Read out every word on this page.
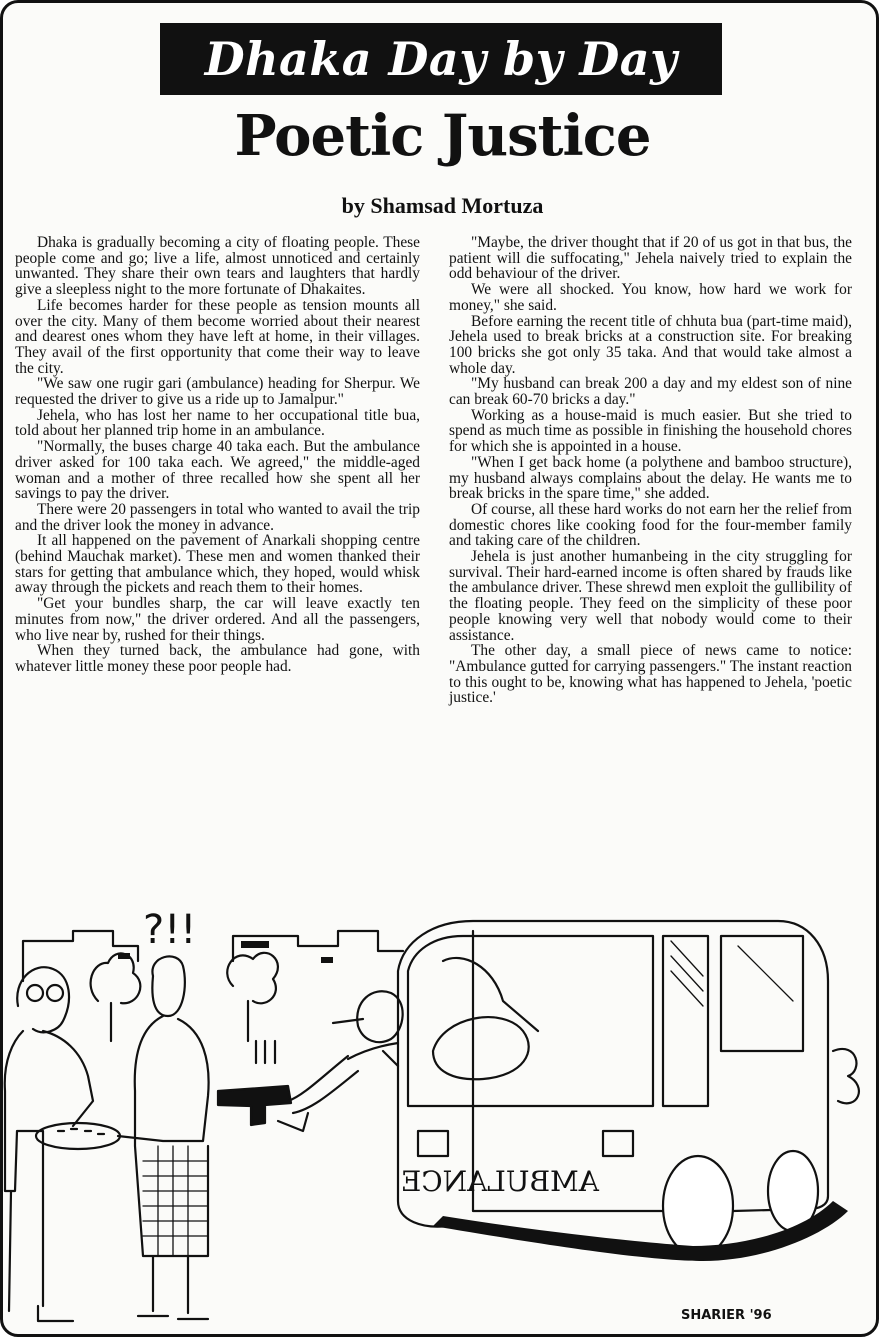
Dhaka Day by Day
Poetic Justice
by Shamsad Mortuza

Dhaka is gradually becoming a city of floating people. These people come and go; live a life, almost unnoticed and certainly unwanted. They share their own tears and laughters that hardly give a sleepless night to the more fortunate of Dhakaites.

Life becomes harder for these people as tension mounts all over the city. Many of them become worried about their nearest and dearest ones whom they have left at home, in their villages. They avail of the first opportunity that come their way to leave the city.

"We saw one rugir gari (ambulance) heading for Sherpur. We requested the driver to give us a ride up to Jamalpur."

Jehela, who has lost her name to her occupational title bua, told about her planned trip home in an ambulance.

"Normally, the buses charge 40 taka each. But the ambulance driver asked for 100 taka each. We agreed," the middle-aged woman and a mother of three recalled how she spent all her savings to pay the driver.

There were 20 passengers in total who wanted to avail the trip and the driver look the money in advance.

It all happened on the pavement of Anarkali shopping centre (behind Mauchak market). These men and women thanked their stars for getting that ambulance which, they hoped, would whisk away through the pickets and reach them to their homes.

"Get your bundles sharp, the car will leave exactly ten minutes from now," the driver ordered. And all the passengers, who live near by, rushed for their things.

When they turned back, the ambulance had gone, with whatever little money these poor people had.

"Maybe, the driver thought that if 20 of us got in that bus, the patient will die suffocating," Jehela naively tried to explain the odd behaviour of the driver.

We were all shocked. You know, how hard we work for money," she said.

Before earning the recent title of chhuta bua (part-time maid), Jehela used to break bricks at a construction site. For breaking 100 bricks she got only 35 taka. And that would take almost a whole day.

"My husband can break 200 a day and my eldest son of nine can break 60-70 bricks a day."

Working as a house-maid is much easier. But she tried to spend as much time as possible in finishing the household chores for which she is appointed in a house.

"When I get back home (a polythene and bamboo structure), my husband always complains about the delay. He wants me to break bricks in the spare time," she added.

Of course, all these hard works do not earn her the relief from domestic chores like cooking food for the four-member family and taking care of the children.

Jehela is just another humanbeing in the city struggling for survival. Their hard-earned income is often shared by frauds like the ambulance driver. These shrewd men exploit the gullibility of the floating people. They feed on the simplicity of these poor people knowing very well that nobody would come to their assistance.

The other day, a small piece of news came to notice: "Ambulance gutted for carrying passengers." The instant reaction to this ought to be, knowing what has happened to Jehela, 'poetic justice.'

?!!
AMBULANCE
SHARIER '96
